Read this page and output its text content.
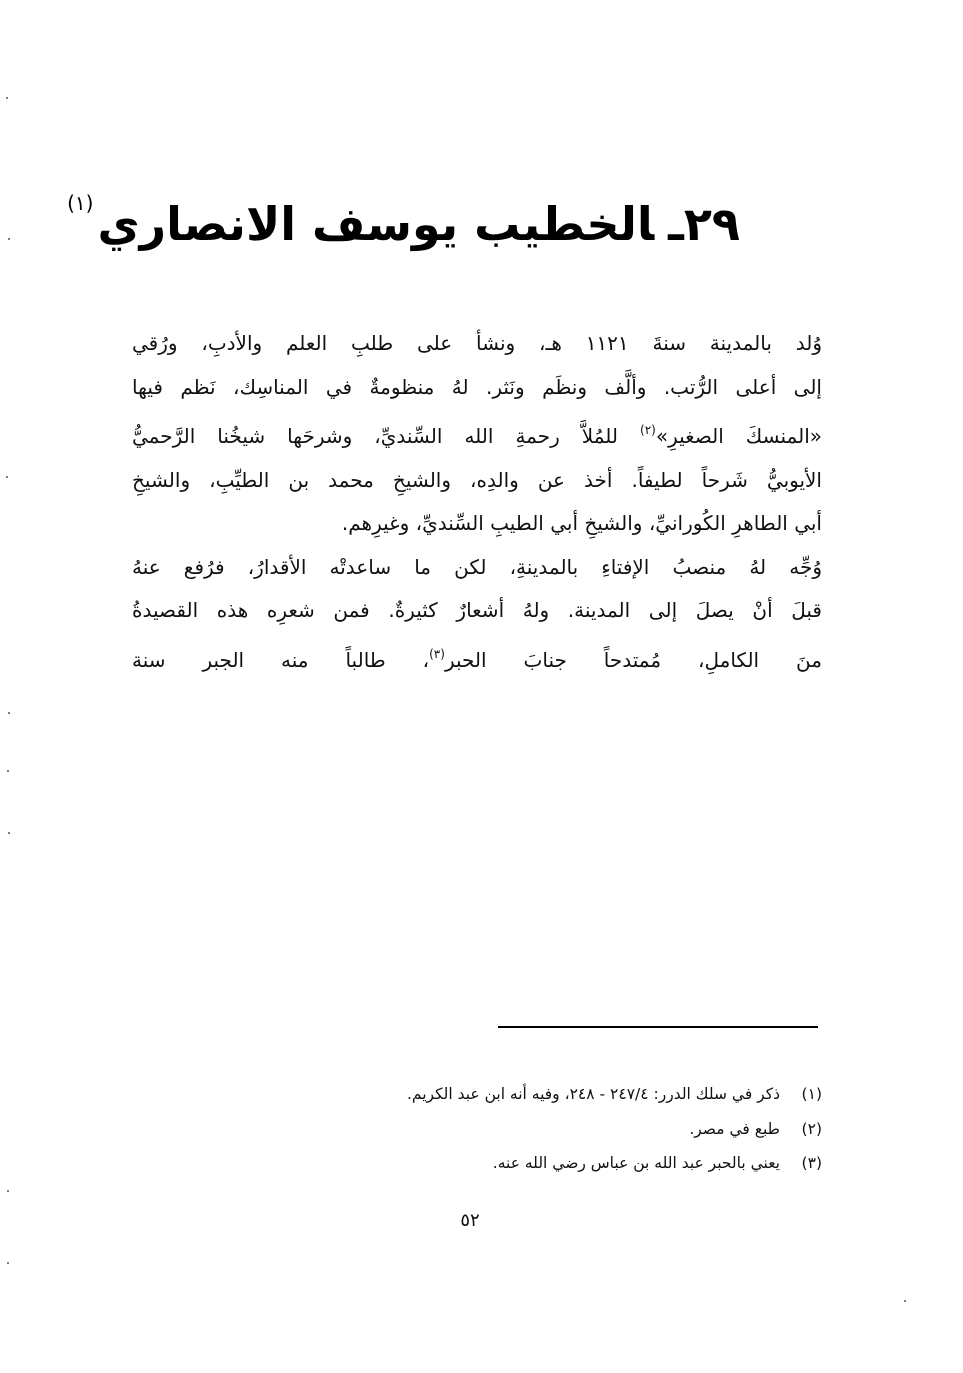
٢٩ـالخطيب يوسف الانصاري$^{(١)}$
وُلد بالمدينة سنةَ ١١٢١ هـ، ونشأ على طلبِ العلم والأدبِ، ورُقي
إلى أعلى الرُّتب. وألَّف ونظَم ونَثر. لهُ منظومةٌ في المناسِك، نَظم فيها
«المنسكَ الصغيرِ»$^{(٢)}$ للمُلاَّ رحمةِ الله السِّنديِّ، وشرحَها شيخُنا الرَّحميُّ
الأيوبيُّ شَرحاً لطيفاً. أخذ عن والدِه، والشيخِ محمد بن الطيِّبِ، والشيخِ
أبي الطاهرِ الكُورانيِّ، والشيخِ أبي الطيبِ السِّنديِّ، وغيرِهم.
وُجِّه لهُ منصبُ الإفتاءِ بالمدينةِ، لكن ما ساعدتْه الأقدارُ، فرُفع عنهُ
قبلَ أنْ يصلَ إلى المدينة. ولهُ أشعارٌ كثيرةٌ. فمن شعرِه هذه القصيدةُ
منَ الكاملِ، مُمتدحاً جنابَ الحبر$^{(٣)}$، طالباً منه الجبر سنة
(١)
ذكر في سلك الدرر: ٢٤٧/٤ - ٢٤٨، وفيه أنه ابن عبد الكريم.
(٢)
طبع في مصر.
(٣)
يعني بالحبر عبد الله بن عباس رضي الله عنه.
٥٢
